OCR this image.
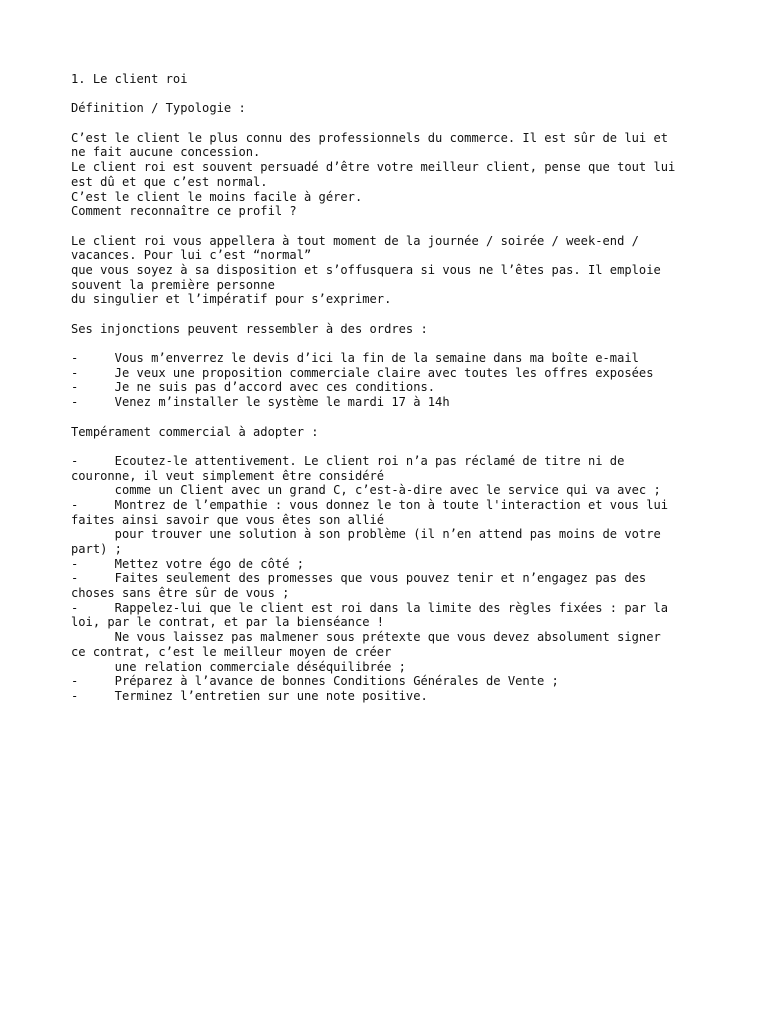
1. Le client roi
Définition / Typologie :
C’est le client le plus connu des professionnels du commerce. Il est sûr de lui et
ne fait aucune concession.
Le client roi est souvent persuadé d’être votre meilleur client, pense que tout lui
est dû et que c’est normal.
C’est le client le moins facile à gérer.
Comment reconnaître ce profil ?
Le client roi vous appellera à tout moment de la journée / soirée / week-end /
vacances. Pour lui c’est “normal”
que vous soyez à sa disposition et s’offusquera si vous ne l’êtes pas. Il emploie
souvent la première personne
du singulier et l’impératif pour s’exprimer.
Ses injonctions peuvent ressembler à des ordres :
-     Vous m’enverrez le devis d’ici la fin de la semaine dans ma boîte e-mail
-     Je veux une proposition commerciale claire avec toutes les offres exposées
-     Je ne suis pas d’accord avec ces conditions.
-     Venez m’installer le système le mardi 17 à 14h
Tempérament commercial à adopter :
-     Ecoutez-le attentivement. Le client roi n’a pas réclamé de titre ni de
couronne, il veut simplement être considéré
comme un Client avec un grand C, c’est-à-dire avec le service qui va avec ;
-     Montrez de l’empathie : vous donnez le ton à toute l'interaction et vous lui
faites ainsi savoir que vous êtes son allié
pour trouver une solution à son problème (il n’en attend pas moins de votre
part) ;
-     Mettez votre égo de côté ;
-     Faites seulement des promesses que vous pouvez tenir et n’engagez pas des
choses sans être sûr de vous ;
-     Rappelez-lui que le client est roi dans la limite des règles fixées : par la
loi, par le contrat, et par la bienséance !
Ne vous laissez pas malmener sous prétexte que vous devez absolument signer
ce contrat, c’est le meilleur moyen de créer
une relation commerciale déséquilibrée ;
-     Préparez à l’avance de bonnes Conditions Générales de Vente ;
-     Terminez l’entretien sur une note positive.
